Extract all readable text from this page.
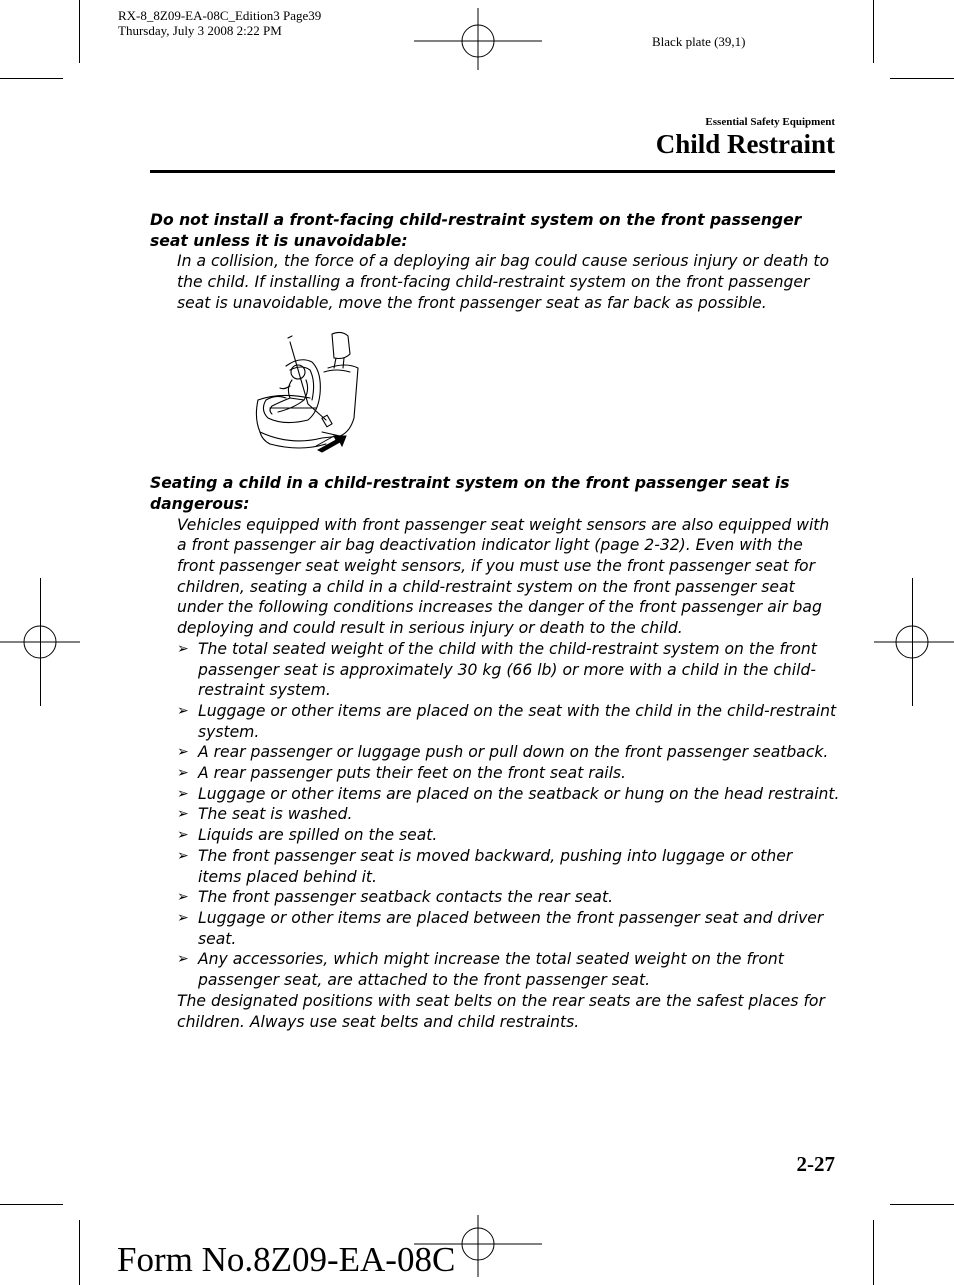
RX-8_8Z09-EA-08C_Edition3 Page39
Thursday, July 3 2008 2:22 PM
Black plate (39,1)
Essential Safety Equipment
Child Restraint

Do not install a front-facing child-restraint system on the front passenger seat unless it is unavoidable:

In a collision, the force of a deploying air bag could cause serious injury or death to the child. If installing a front-facing child-restraint system on the front passenger seat is unavoidable, move the front passenger seat as far back as possible.

Seating a child in a child-restraint system on the front passenger seat is dangerous:

Vehicles equipped with front passenger seat weight sensors are also equipped with a front passenger air bag deactivation indicator light (page 2-32). Even with the front passenger seat weight sensors, if you must use the front passenger seat for children, seating a child in a child-restraint system on the front passenger seat under the following conditions increases the danger of the front passenger air bag deploying and could result in serious injury or death to the child.

➢ The total seated weight of the child with the child-restraint system on the front passenger seat is approximately 30 kg (66 lb) or more with a child in the child-restraint system.
➢ Luggage or other items are placed on the seat with the child in the child-restraint system.
➢ A rear passenger or luggage push or pull down on the front passenger seatback.
➢ A rear passenger puts their feet on the front seat rails.
➢ Luggage or other items are placed on the seatback or hung on the head restraint.
➢ The seat is washed.
➢ Liquids are spilled on the seat.
➢ The front passenger seat is moved backward, pushing into luggage or other items placed behind it.
➢ The front passenger seatback contacts the rear seat.
➢ Luggage or other items are placed between the front passenger seat and driver seat.
➢ Any accessories, which might increase the total seated weight on the front passenger seat, are attached to the front passenger seat.

The designated positions with seat belts on the rear seats are the safest places for children. Always use seat belts and child restraints.

2-27
Form No.8Z09-EA-08C
